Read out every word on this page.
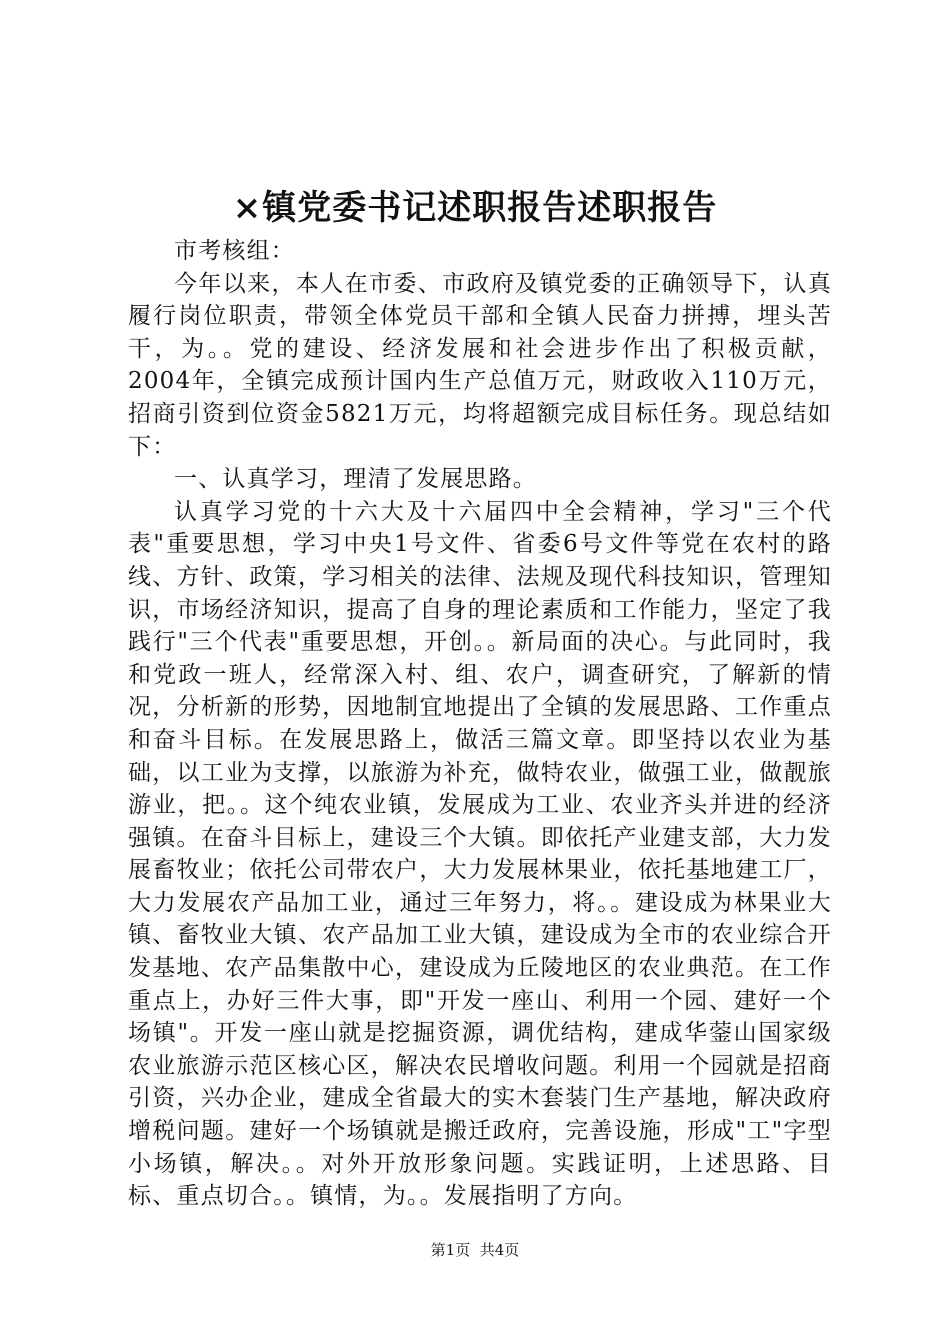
×镇党委书记述职报告述职报告

市考核组：

今年以来，本人在市委、市政府及镇党委的正确领导下，认真履行岗位职责，带领全体党员干部和全镇人民奋力拼搏，埋头苦干，为。。党的建设、经济发展和社会进步作出了积极贡献，2004年，全镇完成预计国内生产总值万元，财政收入110万元，招商引资到位资金5821万元，均将超额完成目标任务。现总结如下：

一、认真学习，理清了发展思路。

认真学习党的十六大及十六届四中全会精神，学习"三个代表"重要思想，学习中央1号文件、省委6号文件等党在农村的路线、方针、政策，学习相关的法律、法规及现代科技知识，管理知识，市场经济知识，提高了自身的理论素质和工作能力，坚定了我践行"三个代表"重要思想，开创。。新局面的决心。与此同时，我和党政一班人，经常深入村、组、农户，调查研究，了解新的情况，分析新的形势，因地制宜地提出了全镇的发展思路、工作重点和奋斗目标。在发展思路上，做活三篇文章。即坚持以农业为基础，以工业为支撑，以旅游为补充，做特农业，做强工业，做靓旅游业，把。。这个纯农业镇，发展成为工业、农业齐头并进的经济强镇。在奋斗目标上，建设三个大镇。即依托产业建支部，大力发展畜牧业；依托公司带农户，大力发展林果业，依托基地建工厂，大力发展农产品加工业，通过三年努力，将。。建设成为林果业大镇、畜牧业大镇、农产品加工业大镇，建设成为全市的农业综合开发基地、农产品集散中心，建设成为丘陵地区的农业典范。在工作重点上，办好三件大事，即"开发一座山、利用一个园、建好一个场镇"。开发一座山就是挖掘资源，调优结构，建成华蓥山国家级农业旅游示范区核心区，解决农民增收问题。利用一个园就是招商引资，兴办企业，建成全省最大的实木套装门生产基地，解决政府增税问题。建好一个场镇就是搬迁政府，完善设施，形成"工"字型小场镇，解决。。对外开放形象问题。实践证明，上述思路、目标、重点切合。。镇情，为。。发展指明了方向。

第1页 共4页
